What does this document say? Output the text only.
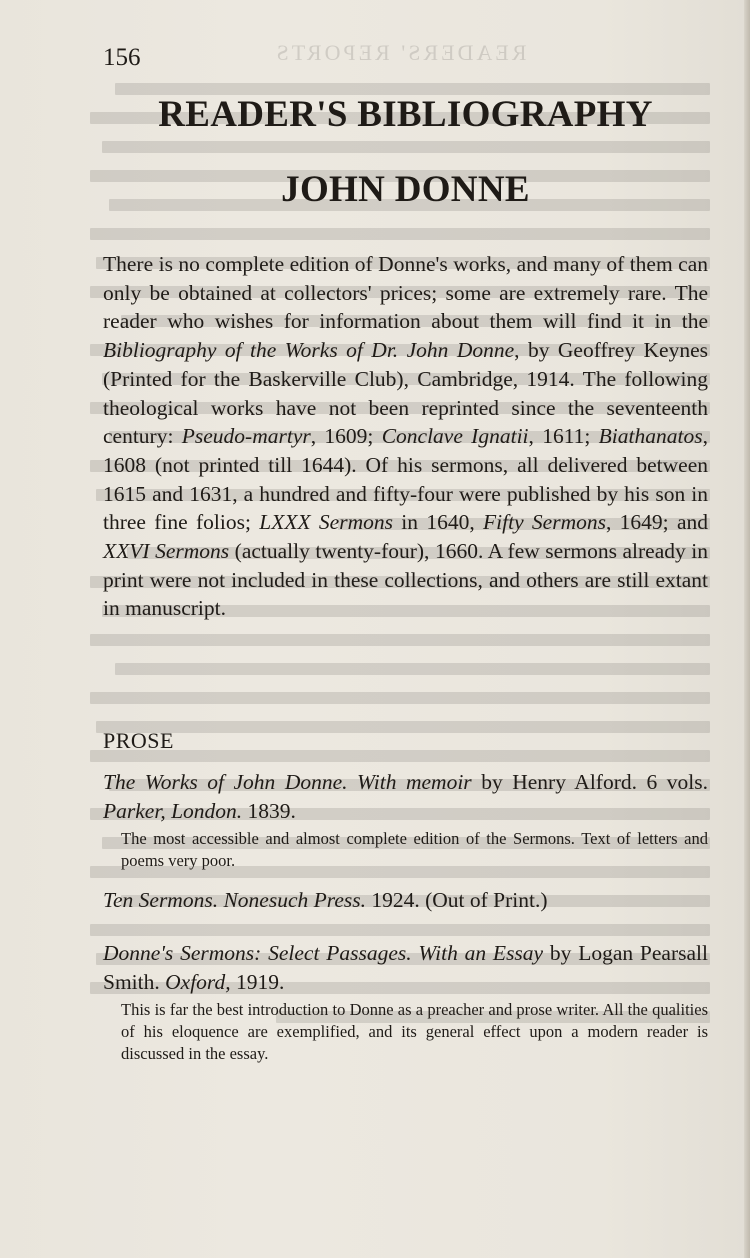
READERS' REPORTS
156
READER'S BIBLIOGRAPHY
JOHN DONNE
There is no complete edition of Donne's works, and many of them can only be obtained at collectors' prices; some are extremely rare. The reader who wishes for information about them will find it in the Bibliography of the Works of Dr. John Donne, by Geoffrey Keynes (Printed for the Baskerville Club), Cambridge, 1914. The following theological works have not been reprinted since the seventeenth century: Pseudo-martyr, 1609; Conclave Ignatii, 1611; Biathanatos, 1608 (not printed till 1644). Of his sermons, all delivered between 1615 and 1631, a hundred and fifty-four were published by his son in three fine folios; LXXX Sermons in 1640, Fifty Sermons, 1649; and XXVI Sermons (actually twenty-four), 1660. A few sermons already in print were not included in these collections, and others are still extant in manuscript.
PROSE
The Works of John Donne. With memoir by Henry Alford. 6 vols. Parker, London. 1839.
The most accessible and almost complete edition of the Sermons. Text of letters and poems very poor.
Ten Sermons. Nonesuch Press. 1924. (Out of Print.)
Donne's Sermons: Select Passages. With an Essay by Logan Pearsall Smith. Oxford, 1919.
This is far the best introduction to Donne as a preacher and prose writer. All the qualities of his eloquence are exemplified, and its general effect upon a modern reader is discussed in the essay.
